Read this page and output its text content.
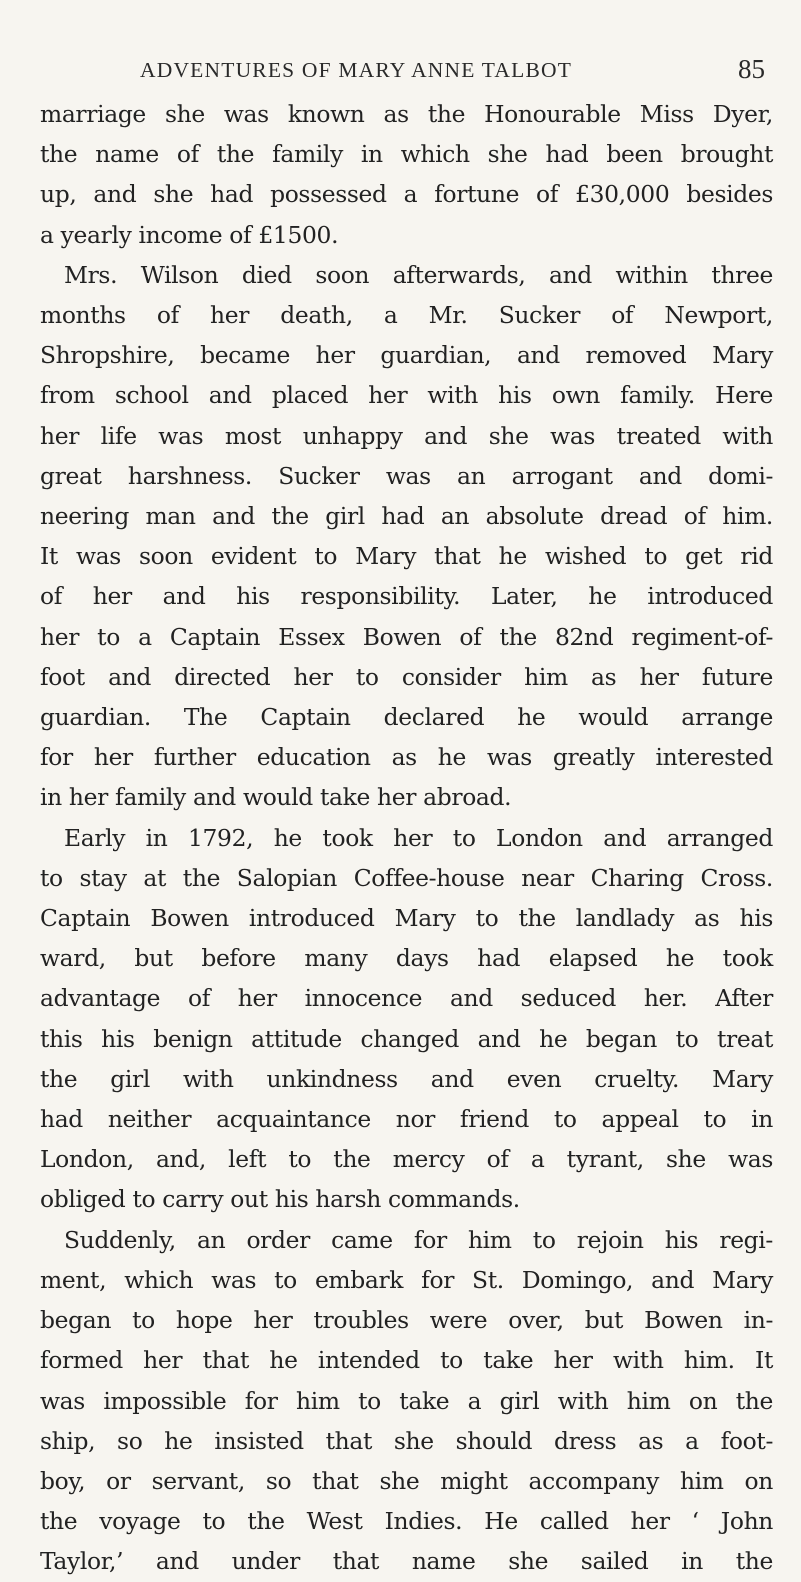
ADVENTURES OF MARY ANNE TALBOT	85
marriage she was known as the Honourable Miss Dyer,
the name of the family in which she had been brought
up, and she had possessed a fortune of £30,000 besides
a yearly income of £1500.
Mrs. Wilson died soon afterwards, and within three
months of her death, a Mr. Sucker of Newport,
Shropshire, became her guardian, and removed Mary
from school and placed her with his own family. Here
her life was most unhappy and she was treated with
great harshness. Sucker was an arrogant and domi-
neering man and the girl had an absolute dread of him.
It was soon evident to Mary that he wished to get rid
of her and his responsibility. Later, he introduced
her to a Captain Essex Bowen of the 82nd regiment-of-
foot and directed her to consider him as her future
guardian. The Captain declared he would arrange
for her further education as he was greatly interested
in her family and would take her abroad.
Early in 1792, he took her to London and arranged
to stay at the Salopian Coffee-house near Charing Cross.
Captain Bowen introduced Mary to the landlady as his
ward, but before many days had elapsed he took
advantage of her innocence and seduced her. After
this his benign attitude changed and he began to treat
the girl with unkindness and even cruelty. Mary
had neither acquaintance nor friend to appeal to in
London, and, left to the mercy of a tyrant, she was
obliged to carry out his harsh commands.
Suddenly, an order came for him to rejoin his regi-
ment, which was to embark for St. Domingo, and Mary
began to hope her troubles were over, but Bowen in-
formed her that he intended to take her with him. It
was impossible for him to take a girl with him on the
ship, so he insisted that she should dress as a foot-
boy, or servant, so that she might accompany him on
the voyage to the West Indies. He called her ‘ John
Taylor,’ and under that name she sailed in the
